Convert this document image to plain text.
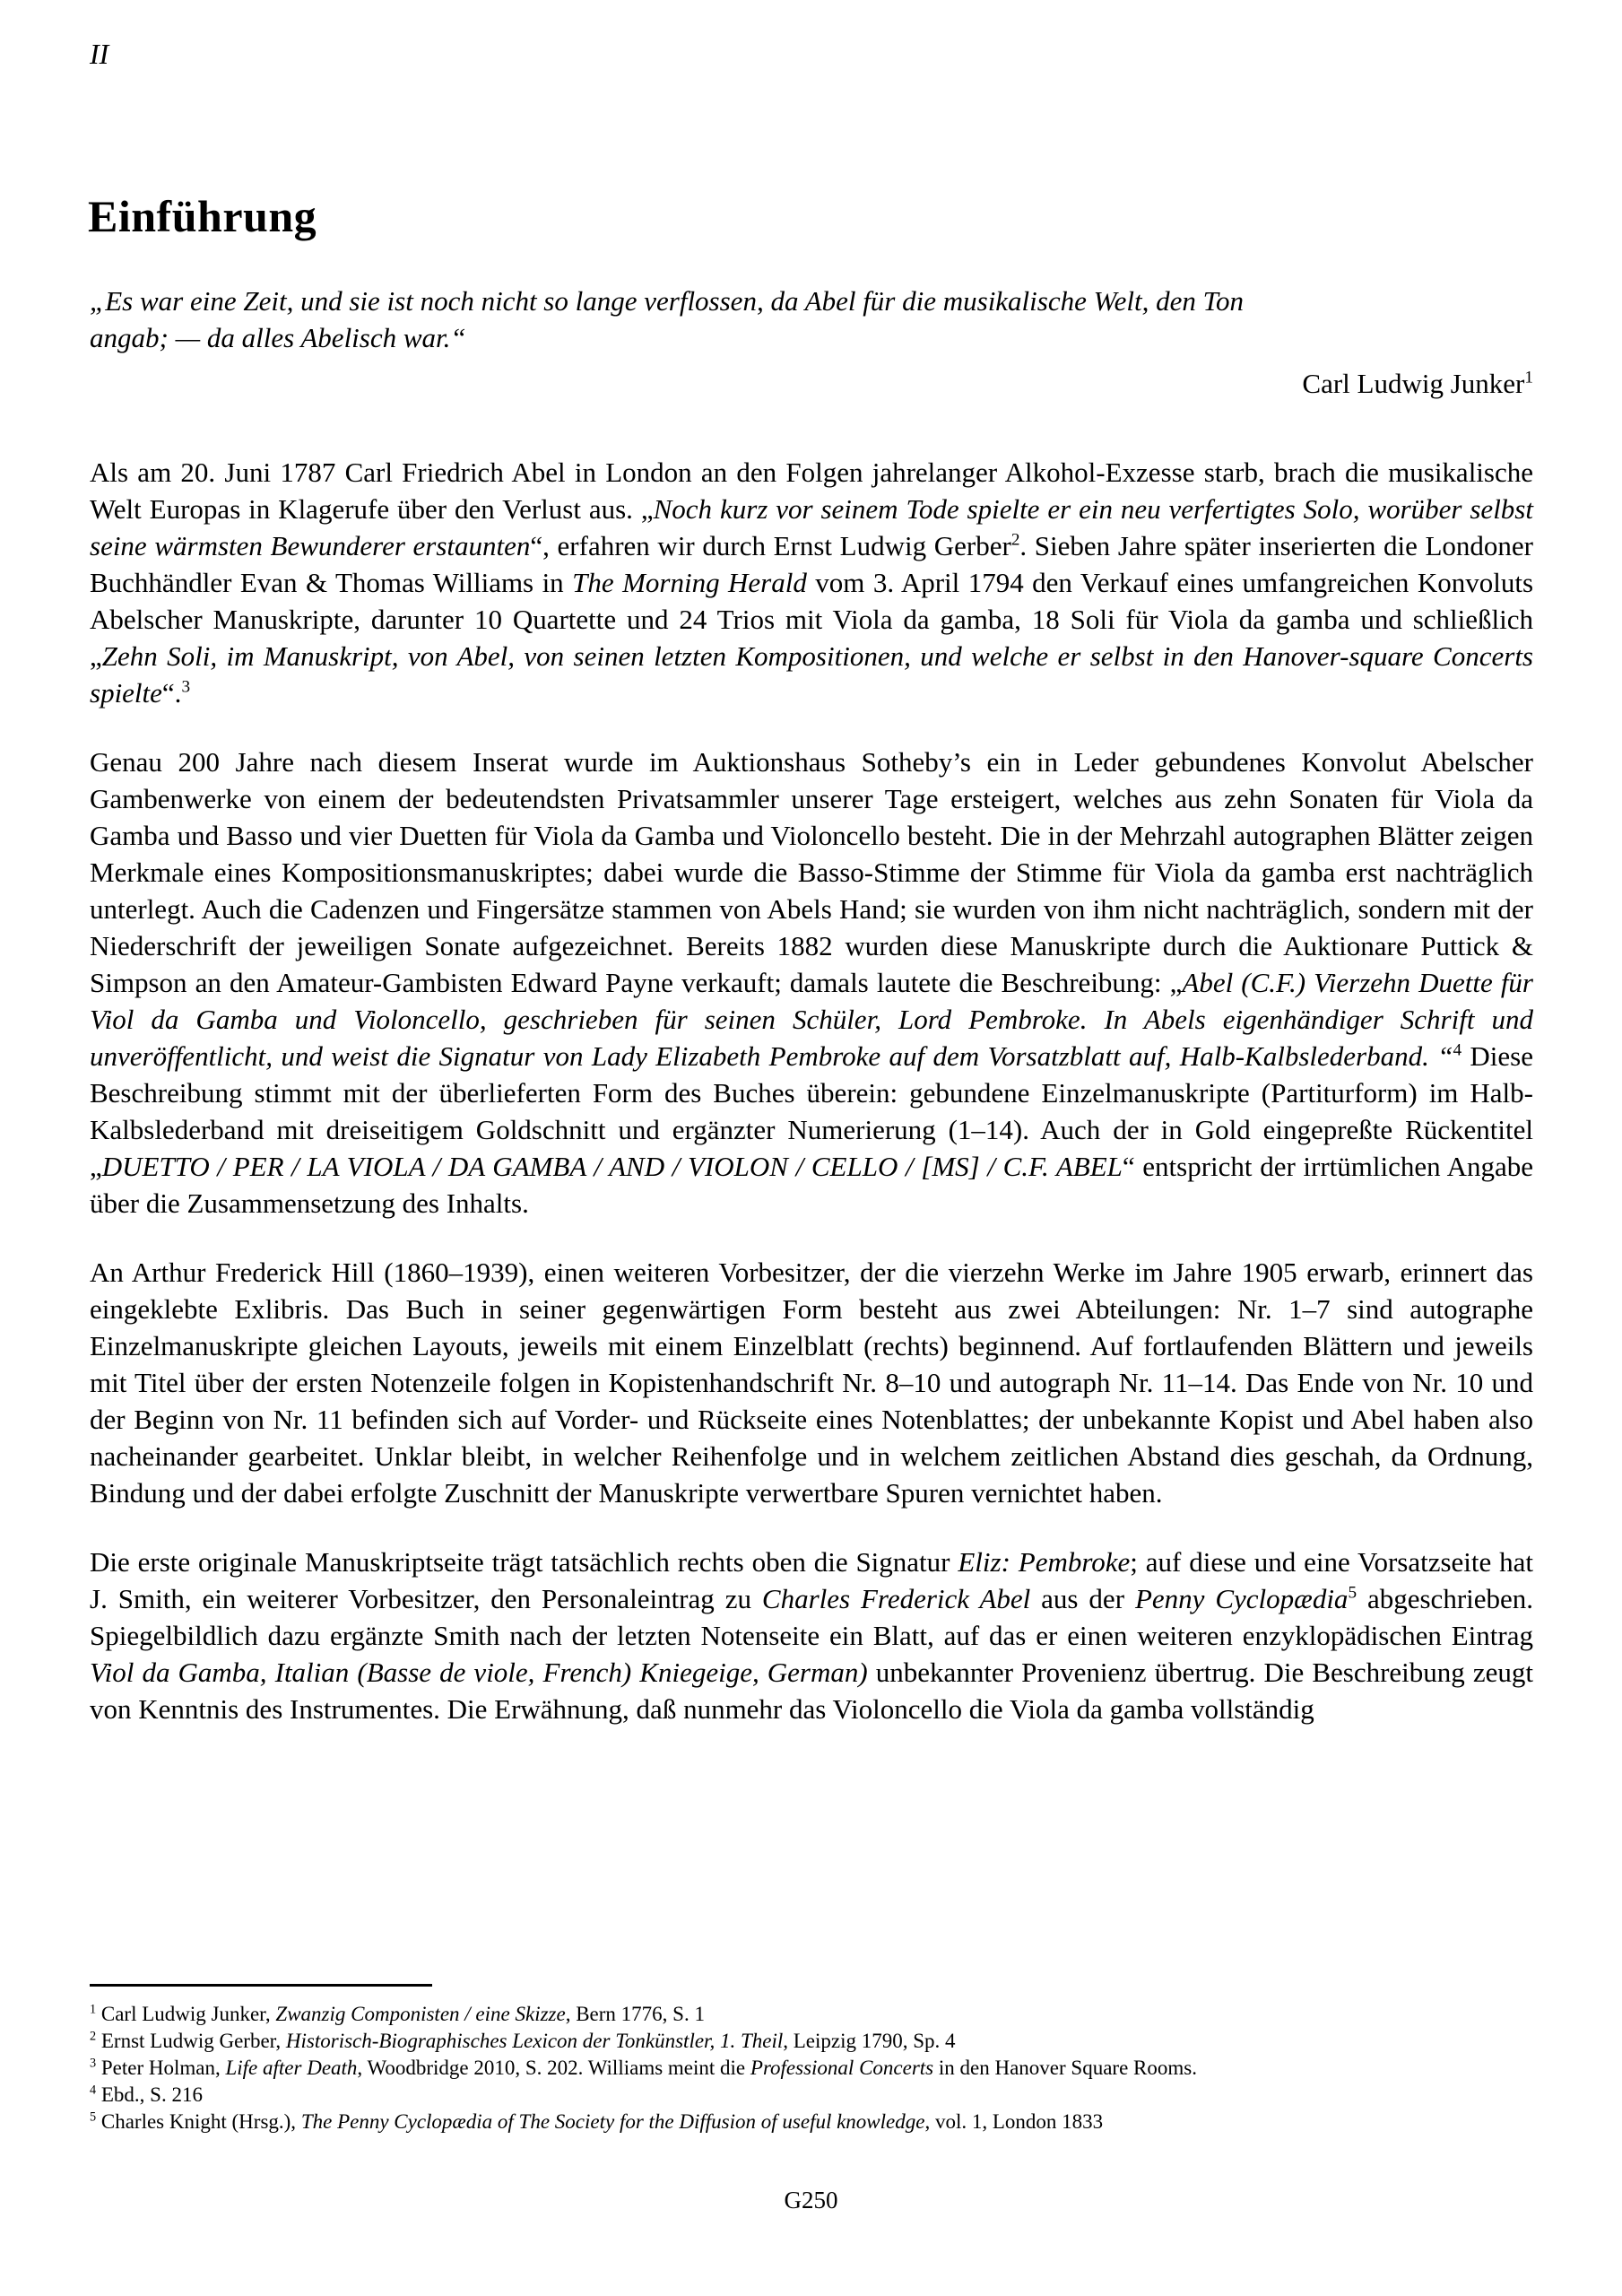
II
Einführung
„Es war eine Zeit, und sie ist noch nicht so lange verflossen, da Abel für die musikalische Welt, den Ton
angab; — da alles Abelisch war.“
Carl Ludwig Junker$^1$

Als am 20. Juni 1787 Carl Friedrich Abel in London an den Folgen jahrelanger Alkohol-Exzesse starb, brach die musikalische Welt Europas in Klagerufe über den Verlust aus. „Noch kurz vor seinem Tode spielte er ein neu verfertigtes Solo, worüber selbst seine wärmsten Bewunderer erstaunten“, erfahren wir durch Ernst Ludwig Gerber$^2$. Sieben Jahre später inserierten die Londoner Buchhändler Evan & Thomas Williams in The Morning Herald vom 3. April 1794 den Verkauf eines umfangreichen Konvoluts Abelscher Manuskripte, darunter 10 Quartette und 24 Trios mit Viola da gamba, 18 Soli für Viola da gamba und schließlich „Zehn Soli, im Manuskript, von Abel, von seinen letzten Kompositionen, und welche er selbst in den Hanover-square Concerts spielte“.$^3$

Genau 200 Jahre nach diesem Inserat wurde im Auktionshaus Sotheby’s ein in Leder gebundenes Konvolut Abelscher Gambenwerke von einem der bedeutendsten Privatsammler unserer Tage ersteigert, welches aus zehn Sonaten für Viola da Gamba und Basso und vier Duetten für Viola da Gamba und Violoncello besteht. Die in der Mehrzahl autographen Blätter zeigen Merkmale eines Kompositionsmanuskriptes; dabei wurde die Basso-Stimme der Stimme für Viola da gamba erst nachträglich unterlegt. Auch die Cadenzen und Fingersätze stammen von Abels Hand; sie wurden von ihm nicht nachträglich, sondern mit der Niederschrift der jeweiligen Sonate aufgezeichnet. Bereits 1882 wurden diese Manuskripte durch die Auktionare Puttick & Simpson an den Amateur-Gambisten Edward Payne verkauft; damals lautete die Beschreibung: „Abel (C.F.) Vierzehn Duette für Viol da Gamba und Violoncello, geschrieben für seinen Schüler, Lord Pembroke. In Abels eigenhändiger Schrift und unveröffentlicht, und weist die Signatur von Lady Elizabeth Pembroke auf dem Vorsatzblatt auf, Halb-Kalbslederband. “$^4$ Diese Beschreibung stimmt mit der überlieferten Form des Buches überein: gebundene Einzelmanuskripte (Partiturform) im Halb-Kalbslederband mit dreiseitigem Goldschnitt und ergänzter Numerierung (1–14). Auch der in Gold eingepreßte Rückentitel „DUETTO / PER / LA VIOLA / DA GAMBA / AND / VIOLON / CELLO / [MS] / C.F. ABEL“ entspricht der irrtümlichen Angabe über die Zusammensetzung des Inhalts.

An Arthur Frederick Hill (1860–1939), einen weiteren Vorbesitzer, der die vierzehn Werke im Jahre 1905 erwarb, erinnert das eingeklebte Exlibris. Das Buch in seiner gegenwärtigen Form besteht aus zwei Abteilungen: Nr. 1–7 sind autographe Einzelmanuskripte gleichen Layouts, jeweils mit einem Einzelblatt (rechts) beginnend. Auf fortlaufenden Blättern und jeweils mit Titel über der ersten Notenzeile folgen in Kopistenhandschrift Nr. 8–10 und autograph Nr. 11–14. Das Ende von Nr. 10 und der Beginn von Nr. 11 befinden sich auf Vorder- und Rückseite eines Notenblattes; der unbekannte Kopist und Abel haben also nacheinander gearbeitet. Unklar bleibt, in welcher Reihenfolge und in welchem zeitlichen Abstand dies geschah, da Ordnung, Bindung und der dabei erfolgte Zuschnitt der Manuskripte verwertbare Spuren vernichtet haben.

Die erste originale Manuskriptseite trägt tatsächlich rechts oben die Signatur Eliz: Pembroke; auf diese und eine Vorsatzseite hat J. Smith, ein weiterer Vorbesitzer, den Personaleintrag zu Charles Frederick Abel aus der Penny Cyclopædia$^5$ abgeschrieben. Spiegelbildlich dazu ergänzte Smith nach der letzten Notenseite ein Blatt, auf das er einen weiteren enzyklopädischen Eintrag Viol da Gamba, Italian (Basse de viole, French) Kniegeige, German) unbekannter Provenienz übertrug. Die Beschreibung zeugt von Kenntnis des Instrumentes. Die Erwähnung, daß nunmehr das Violoncello die Viola da gamba vollständig

$^1$ Carl Ludwig Junker, Zwanzig Componisten / eine Skizze, Bern 1776, S. 1
$^2$ Ernst Ludwig Gerber, Historisch-Biographisches Lexicon der Tonkünstler, 1. Theil, Leipzig 1790, Sp. 4
$^3$ Peter Holman, Life after Death, Woodbridge 2010, S. 202. Williams meint die Professional Concerts in den Hanover Square Rooms.
$^4$ Ebd., S. 216
$^5$ Charles Knight (Hrsg.), The Penny Cyclopædia of The Society for the Diffusion of useful knowledge, vol. 1, London 1833
G250
